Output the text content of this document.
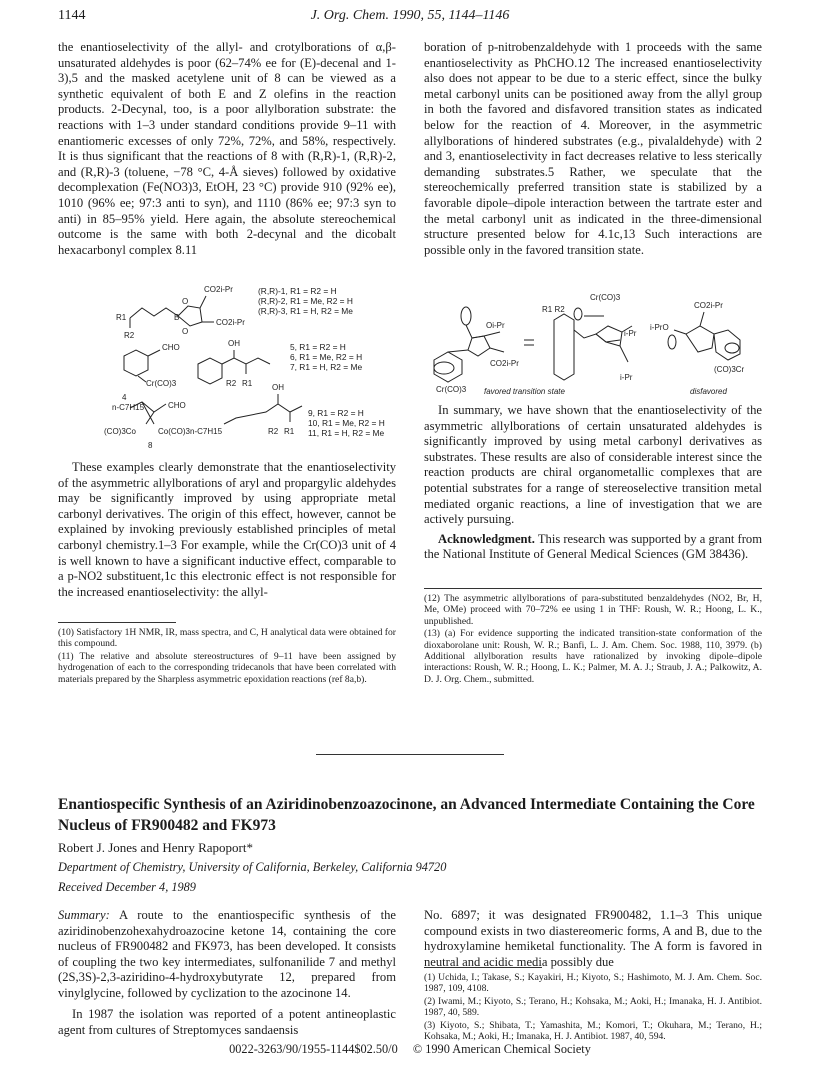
1144	J. Org. Chem. 1990, 55, 1144–1146

the enantioselectivity of the allyl- and crotylborations of α,β-unsaturated aldehydes is poor (62–74% ee for (E)-decenal and 1-3),5 and the masked acetylene unit of 8 can be viewed as a synthetic equivalent of both E and Z olefins in the reaction products. 2-Decynal, too, is a poor allylboration substrate: the reactions with 1–3 under standard conditions provide 9–11 with enantiomeric excesses of only 72%, 72%, and 58%, respectively. It is thus significant that the reactions of 8 with (R,R)-1, (R,R)-2, and (R,R)-3 (toluene, −78 °C, 4-Å sieves) followed by oxidative decomplexation (Fe(NO3)3, EtOH, 23 °C) provide 910 (92% ee), 1010 (96% ee; 97:3 anti to syn), and 1110 (86% ee; 97:3 syn to anti) in 85–95% yield. Here again, the absolute stereochemical outcome is the same with both 2-decynal and the dicobalt hexacarbonyl complex 8.11

CO2i-Pr
CO2i-Pr
O
O
B
R1
R2
CHO
Cr(CO)3
4
OH
R2 R1
CHO
n-C7H15
(CO)3Co	Co(CO)3
8
OH
n-C7H15	R2 R1
(R,R)-1, R1 = R2 = H
(R,R)-2, R1 = Me, R2 = H
(R,R)-3, R1 = H, R2 = Me
5, R1 = R2 = H
6, R1 = Me, R2 = H
7, R1 = H, R2 = Me
9, R1 = R2 = H
10, R1 = Me, R2 = H
11, R1 = H, R2 = Me

These examples clearly demonstrate that the enantioselectivity of the asymmetric allylborations of aryl and propargylic aldehydes may be significantly improved by using appropriate metal carbonyl derivatives. The origin of this effect, however, cannot be explained by invoking previously established principles of metal carbonyl chemistry.1–3 For example, while the Cr(CO)3 unit of 4 is well known to have a significant inductive effect, comparable to a p-NO2 substituent,1c this electronic effect is not responsible for the increased enantioselectivity: the allyl-

(10) Satisfactory 1H NMR, IR, mass spectra, and C, H analytical data were obtained for this compound.

(11) The relative and absolute stereostructures of 9–11 have been assigned by hydrogenation of each to the corresponding tridecanols that have been correlated with materials prepared by the Sharpless asymmetric epoxidation reactions (ref 8a,b).

boration of p-nitrobenzaldehyde with 1 proceeds with the same enantioselectivity as PhCHO.12 The increased enantioselectivity also does not appear to be due to a steric effect, since the bulky metal carbonyl units can be positioned away from the allyl group in both the favored and disfavored transition states as indicated below for the reaction of 4. Moreover, in the asymmetric allylborations of hindered substrates (e.g., pivalaldehyde) with 2 and 3, enantioselectivity in fact decreases relative to less sterically demanding substrates.5 Rather, we speculate that the stereochemically preferred transition state is stabilized by a favorable dipole–dipole interaction between the tartrate ester and the metal carbonyl unit as indicated in the three-dimensional structure presented below for 4.1c,13 Such interactions are possible only in the favored transition state.

Cr(CO)3
Oi-Pr
CO2i-Pr
Cr(CO)3
R1 R2
i-Pr
CO2i-Pr
i-PrO
(CO)3Cr
i-Pr
favored transition state	disfavored

In summary, we have shown that the enantioselectivity of the asymmetric allylborations of certain unsaturated aldehydes is significantly improved by using metal carbonyl derivatives as substrates. These results are also of considerable interest since the reaction products are chiral organometallic complexes that are potential substrates for a range of stereoselective transition metal mediated organic reactions, a line of investigation that we are actively pursuing.

Acknowledgment. This research was supported by a grant from the National Institute of General Medical Sciences (GM 38436).

(12) The asymmetric allylborations of para-substituted benzaldehydes (NO2, Br, H, Me, OMe) proceed with 70–72% ee using 1 in THF: Roush, W. R.; Hoong, L. K., unpublished.

(13) (a) For evidence supporting the indicated transition-state conformation of the dioxaborolane unit: Roush, W. R.; Banfi, L. J. Am. Chem. Soc. 1988, 110, 3979. (b) Additional allylboration results have rationalized by invoking dipole–dipole interactions: Roush, W. R.; Hoong, L. K.; Palmer, M. A. J.; Straub, J. A.; Palkowitz, A. D. J. Org. Chem., submitted.

Enantiospecific Synthesis of an Aziridinobenzoazocinone, an Advanced Intermediate Containing the Core Nucleus of FR900482 and FK973
Robert J. Jones and Henry Rapoport*
Department of Chemistry, University of California, Berkeley, California 94720
Received December 4, 1989
Summary: A route to the enantiospecific synthesis of the aziridinobenzohexahydroazocine ketone 14, containing the core nucleus of FR900482 and FK973, has been developed. It consists of coupling the two key intermediates, sulfonanilide 7 and methyl (2S,3S)-2,3-aziridino-4-hydroxybutyrate 12, prepared from vinylglycine, followed by cyclization to the azocinone 14.
In 1987 the isolation was reported of a potent antineoplastic agent from cultures of Streptomyces sandaensis
No. 6897; it was designated FR900482, 1.1–3 This unique compound exists in two diastereomeric forms, A and B, due to the hydroxylamine hemiketal functionality. The A form is favored in neutral and acidic media possibly due

(1) Uchida, I.; Takase, S.; Kayakiri, H.; Kiyoto, S.; Hashimoto, M. J. Am. Chem. Soc. 1987, 109, 4108.

(2) Iwami, M.; Kiyoto, S.; Terano, H.; Kohsaka, M.; Aoki, H.; Imanaka, H. J. Antibiot. 1987, 40, 589.

(3) Kiyoto, S.; Shibata, T.; Yamashita, M.; Komori, T.; Okuhara, M.; Terano, H.; Kohsaka, M.; Aoki, H.; Imanaka, H. J. Antibiot. 1987, 40, 594.

0022-3263/90/1955-1144$02.50/0 © 1990 American Chemical Society
